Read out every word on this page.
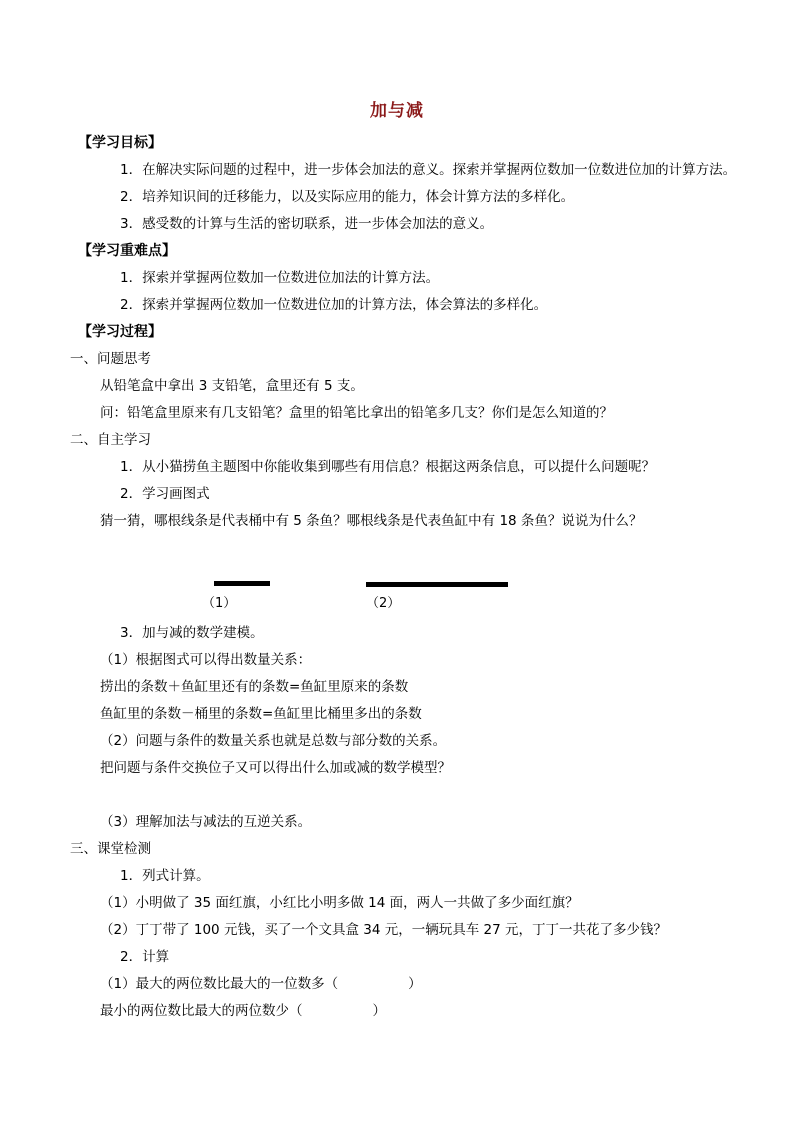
加与减
【学习目标】
1．在解决实际问题的过程中，进一步体会加法的意义。探索并掌握两位数加一位数进位加的计算方法。
2．培养知识间的迁移能力，以及实际应用的能力，体会计算方法的多样化。
3．感受数的计算与生活的密切联系，进一步体会加法的意义。
【学习重难点】
1．探索并掌握两位数加一位数进位加法的计算方法。
2．探索并掌握两位数加一位数进位加的计算方法，体会算法的多样化。
【学习过程】
一、问题思考
从铅笔盒中拿出 3 支铅笔，盒里还有 5 支。
问：铅笔盒里原来有几支铅笔？盒里的铅笔比拿出的铅笔多几支？你们是怎么知道的？
二、自主学习
1．从小猫捞鱼主题图中你能收集到哪些有用信息？根据这两条信息，可以提什么问题呢？
2．学习画图式
猜一猜，哪根线条是代表桶中有 5 条鱼？哪根线条是代表鱼缸中有 18 条鱼？说说为什么？
（1）	（2）
3．加与减的数学建模。
（1）根据图式可以得出数量关系：
捞出的条数＋鱼缸里还有的条数=鱼缸里原来的条数
鱼缸里的条数－桶里的条数=鱼缸里比桶里多出的条数
（2）问题与条件的数量关系也就是总数与部分数的关系。
把问题与条件交换位子又可以得出什么加或减的数学模型？
（3）理解加法与减法的互逆关系。
三、课堂检测
1．列式计算。
（1）小明做了 35 面红旗，小红比小明多做 14 面，两人一共做了多少面红旗？
（2）丁丁带了 100 元钱，买了一个文具盒 34 元，一辆玩具车 27 元，丁丁一共花了多少钱？
2．计算
（1）最大的两位数比最大的一位数多（	）
最小的两位数比最大的两位数少（	）
